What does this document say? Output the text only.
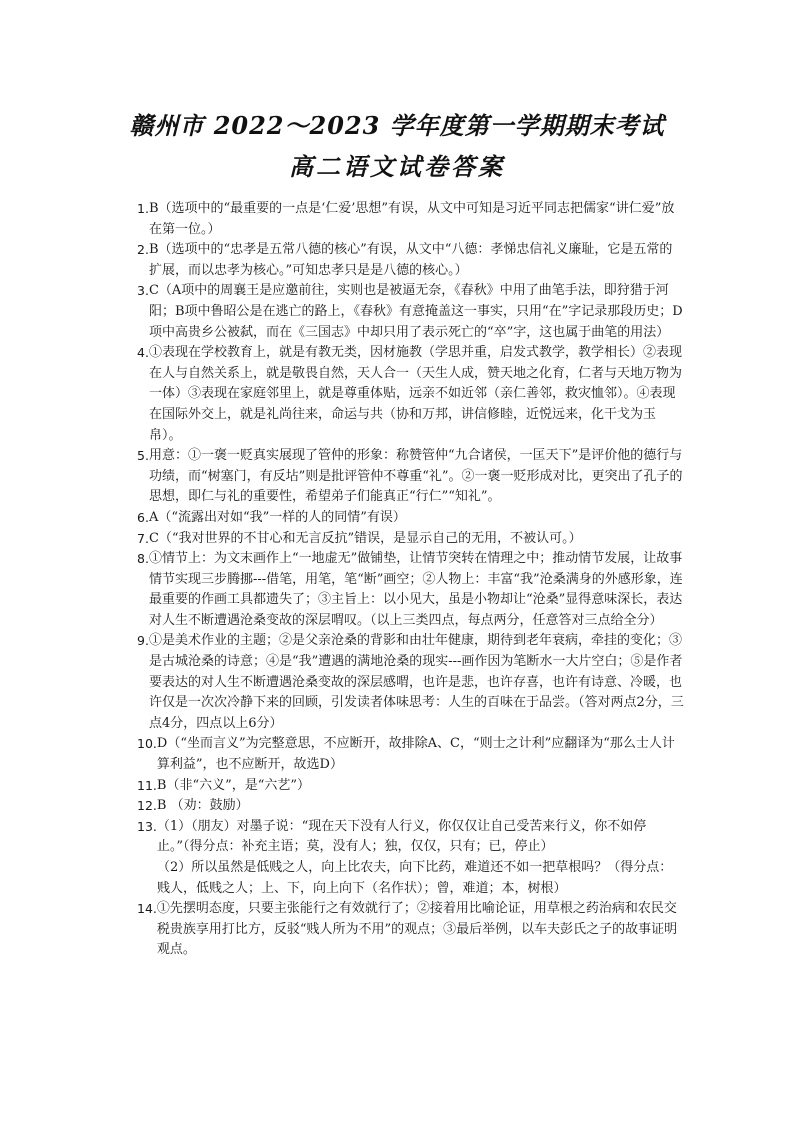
赣州市 2022～2023 学年度第一学期期末考试
高二语文试卷答案
1. B（选项中的“最重要的一点是‘仁爱’思想”有误，从文中可知是习近平同志把儒家“讲仁爱”放在第一位。）
2. B（选项中的“忠孝是五常八德的核心”有误，从文中“八德：孝悌忠信礼义廉耻，它是五常的扩展，而以忠孝为核心。”可知忠孝只是是八德的核心。）
3. C（A项中的周襄王是应邀前往，实则也是被逼无奈，《春秋》中用了曲笔手法，即狩猎于河阳；B项中鲁昭公是在逃亡的路上，《春秋》有意掩盖这一事实，只用“在”字记录那段历史；D项中高贵乡公被弑，而在《三国志》中却只用了表示死亡的“卒”字，这也属于曲笔的用法）
4. ①表现在学校教育上，就是有教无类，因材施教（学思并重，启发式教学，教学相长）②表现在人与自然关系上，就是敬畏自然，天人合一（天生人成，赞天地之化育，仁者与天地万物为一体）③表现在家庭邻里上，就是尊重体贴，远亲不如近邻（亲仁善邻，救灾恤邻）。④表现在国际外交上，就是礼尚往来，命运与共（协和万邦，讲信修睦，近悦远来，化干戈为玉帛）。
5. 用意：①一褒一贬真实展现了管仲的形象：称赞管仲“九合诸侯，一匡天下”是评价他的德行与功绩，而“树塞门，有反坫”则是批评管仲不尊重“礼”。②一褒一贬形成对比，更突出了孔子的思想，即仁与礼的重要性，希望弟子们能真正“行仁”“知礼”。
6. A（“流露出对如“我”一样的人的同情”有误）
7. C（“我对世界的不甘心和无言反抗”错误，是显示自己的无用，不被认可。）
8. ①情节上：为文末画作上“一地虚无”做铺垫，让情节突转在情理之中；推动情节发展，让故事情节实现三步腾挪---借笔，用笔，笔“断”画空；②人物上：丰富“我”沧桑满身的外感形象，连最重要的作画工具都遗失了；③主旨上：以小见大，虽是小物却让“沧桑”显得意味深长，表达对人生不断遭遇沧桑变故的深层喟叹。（以上三类四点，每点两分，任意答对三点给全分）
9. ①是美术作业的主题；②是父亲沧桑的背影和由壮年健康，期待到老年衰病，牵挂的变化；③是古城沧桑的诗意；④是“我”遭遇的满地沧桑的现实---画作因为笔断水一大片空白；⑤是作者要表达的对人生不断遭遇沧桑变故的深层感喟，也许是悲，也许存喜，也许有诗意、冷暖，也许仅是一次次冷静下来的回顾，引发读者体味思考：人生的百味在于品尝。（答对两点2分，三点4分，四点以上6分）
10. D（“坐而言义”为完整意思，不应断开，故排除A、C，“则士之计利”应翻译为“那么士人计算利益”，也不应断开，故选D）
11. B（非“六义”，是“六艺”）
12. B （劝：鼓励）
13. （1）（朋友）对墨子说：“现在天下没有人行义，你仅仅让自己受苦来行义，你不如停止。”（得分点：补充主语；莫，没有人；独，仅仅，只有；已，停止）
（2）所以虽然是低贱之人，向上比农夫，向下比药，难道还不如一把草根吗？（得分点：贱人，低贱之人；上、下，向上向下（名作状）；曾，难道；本，树根）
14. ①先摆明态度，只要主张能行之有效就行了；②接着用比喻论证，用草根之药治病和农民交税贵族享用打比方，反驳“贱人所为不用”的观点；③最后举例，以车夫彭氏之子的故事证明观点。
